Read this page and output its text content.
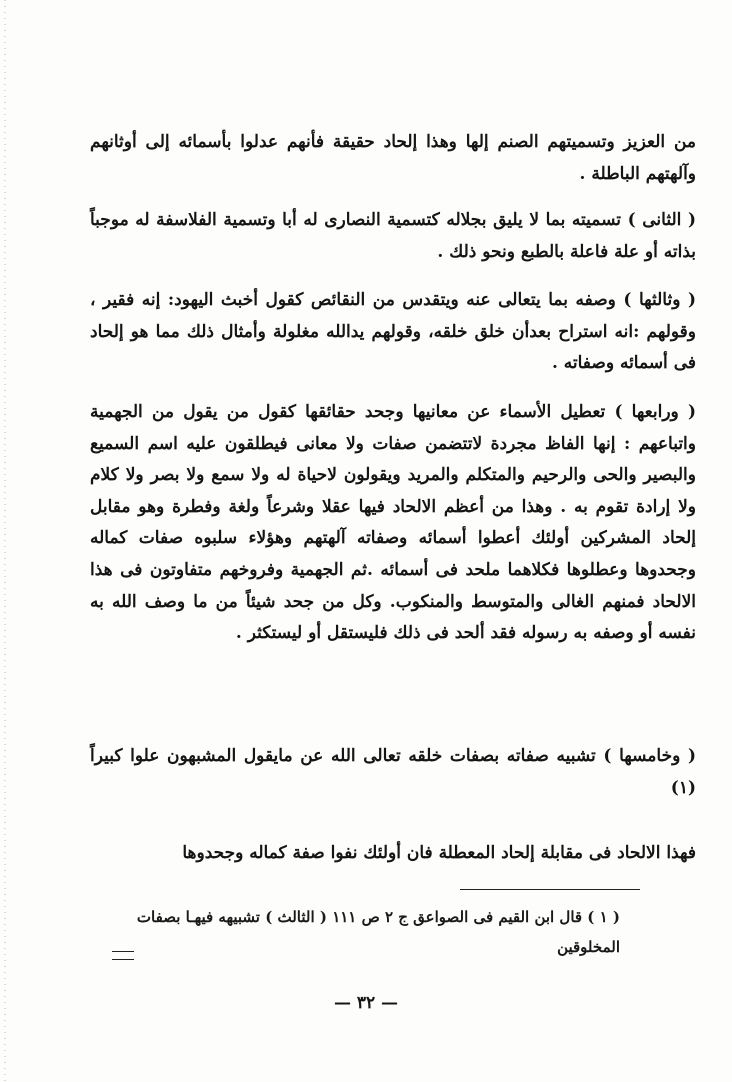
من العزيز وتسميتهم الصنم إلها وهذا إلحاد حقيقة فأنهم عدلوا بأسمائه إلى أوثانهم وآلهتهم الباطلة .

( الثانى ) تسميته بما لا يليق بجلاله كتسمية النصارى له أبا وتسمية الفلاسفة له موجباً بذاته أو علة فاعلة بالطبع ونحو ذلك .

( وثالثها ) وصفه بما يتعالى عنه ويتقدس من النقائص كقول أخبث اليهود: إنه فقير ، وقولهم :انه استراح بعدأن خلق خلقه، وقولهم يدالله مغلولة وأمثال ذلك مما هو إلحاد فى أسمائه وصفاته .

( ورابعها ) تعطيل الأسماء عن معانيها وجحد حقائقها كقول من يقول من الجهمية واتباعهم : إنها الفاظ مجردة لاتتضمن صفات ولا معانى فيطلقون عليه اسم السميع والبصير والحى والرحيم والمتكلم والمريد ويقولون لاحياة له ولا سمع ولا بصر ولا كلام ولا إرادة تقوم به . وهذا من أعظم الالحاد فيها عقلا وشرعاً ولغة وفطرة وهو مقابل إلحاد المشركين أولئك أعطوا أسمائه وصفاته آلهتهم وهؤلاء سلبوه صفات كماله وجحدوها وعطلوها فكلاهما ملحد فى أسمائه .ثم الجهمية وفروخهم متفاوتون فى هذا الالحاد فمنهم الغالى والمتوسط والمنكوب. وكل من جحد شيئاً من ما وصف الله به نفسه أو وصفه به رسوله فقد ألحد فى ذلك فليستقل أو ليستكثر .

( وخامسها ) تشبيه صفاته بصفات خلقه تعالى الله عن مايقول المشبهون علوا كبيراً (١)

فهذا الالحاد فى مقابلة إلحاد المعطلة فان أولئك نفوا صفة كماله وجحدوها

( ١ ) قال ابن القيم فى الصواعق ج ٢ ص ١١١ ( الثالث ) تشبيهه فيهـا بصفات المخلوقين
— ٣٢ —
